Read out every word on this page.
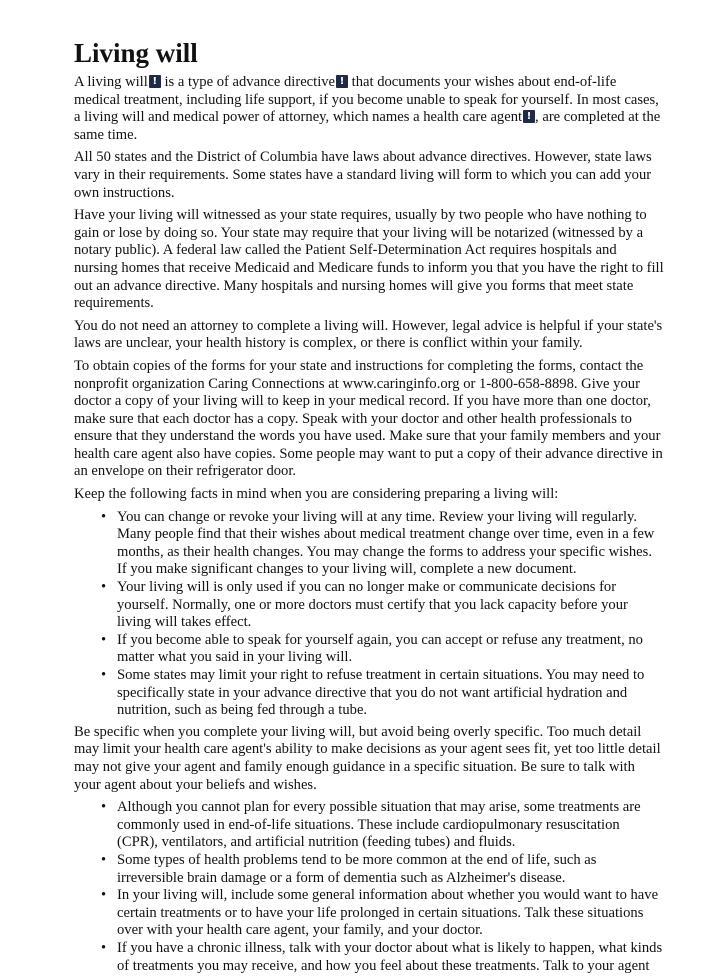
Living will

A living will! is a type of advance directive! that documents your wishes about end-of-life medical treatment, including life support, if you become unable to speak for yourself. In most cases, a living will and medical power of attorney, which names a health care agent! , are completed at the same time.

All 50 states and the District of Columbia have laws about advance directives. However, state laws vary in their requirements. Some states have a standard living will form to which you can add your own instructions.

Have your living will witnessed as your state requires, usually by two people who have nothing to gain or lose by doing so. Your state may require that your living will be notarized (witnessed by a notary public). A federal law called the Patient Self-Determination Act requires hospitals and nursing homes that receive Medicaid and Medicare funds to inform you that you have the right to fill out an advance directive. Many hospitals and nursing homes will give you forms that meet state requirements.

You do not need an attorney to complete a living will. However, legal advice is helpful if your state's laws are unclear, your health history is complex, or there is conflict within your family.

To obtain copies of the forms for your state and instructions for completing the forms, contact the nonprofit organization Caring Connections at www.caringinfo.org or 1-800-658-8898. Give your doctor a copy of your living will to keep in your medical record. If you have more than one doctor, make sure that each doctor has a copy. Speak with your doctor and other health professionals to ensure that they understand the words you have used. Make sure that your family members and your health care agent also have copies. Some people may want to put a copy of their advance directive in an envelope on their refrigerator door.

Keep the following facts in mind when you are considering preparing a living will:

• You can change or revoke your living will at any time. Review your living will regularly. Many people find that their wishes about medical treatment change over time, even in a few months, as their health changes. You may change the forms to address your specific wishes. If you make significant changes to your living will, complete a new document.
• Your living will is only used if you can no longer make or communicate decisions for yourself. Normally, one or more doctors must certify that you lack capacity before your living will takes effect.
• If you become able to speak for yourself again, you can accept or refuse any treatment, no matter what you said in your living will.
• Some states may limit your right to refuse treatment in certain situations. You may need to specifically state in your advance directive that you do not want artificial hydration and nutrition, such as being fed through a tube.

Be specific when you complete your living will, but avoid being overly specific. Too much detail may limit your health care agent's ability to make decisions as your agent sees fit, yet too little detail may not give your agent and family enough guidance in a specific situation. Be sure to talk with your agent about your beliefs and wishes.

• Although you cannot plan for every possible situation that may arise, some treatments are commonly used in end-of-life situations. These include cardiopulmonary resuscitation (CPR), ventilators, and artificial nutrition (feeding tubes) and fluids.
• Some types of health problems tend to be more common at the end of life, such as irreversible brain damage or a form of dementia such as Alzheimer's disease.
• In your living will, include some general information about whether you would want to have certain treatments or to have your life prolonged in certain situations. Talk these situations over with your health care agent, your family, and your doctor.
• If you have a chronic illness, talk with your doctor about what is likely to happen, what kinds of treatments you may receive, and how you feel about these treatments. Talk to your agent
